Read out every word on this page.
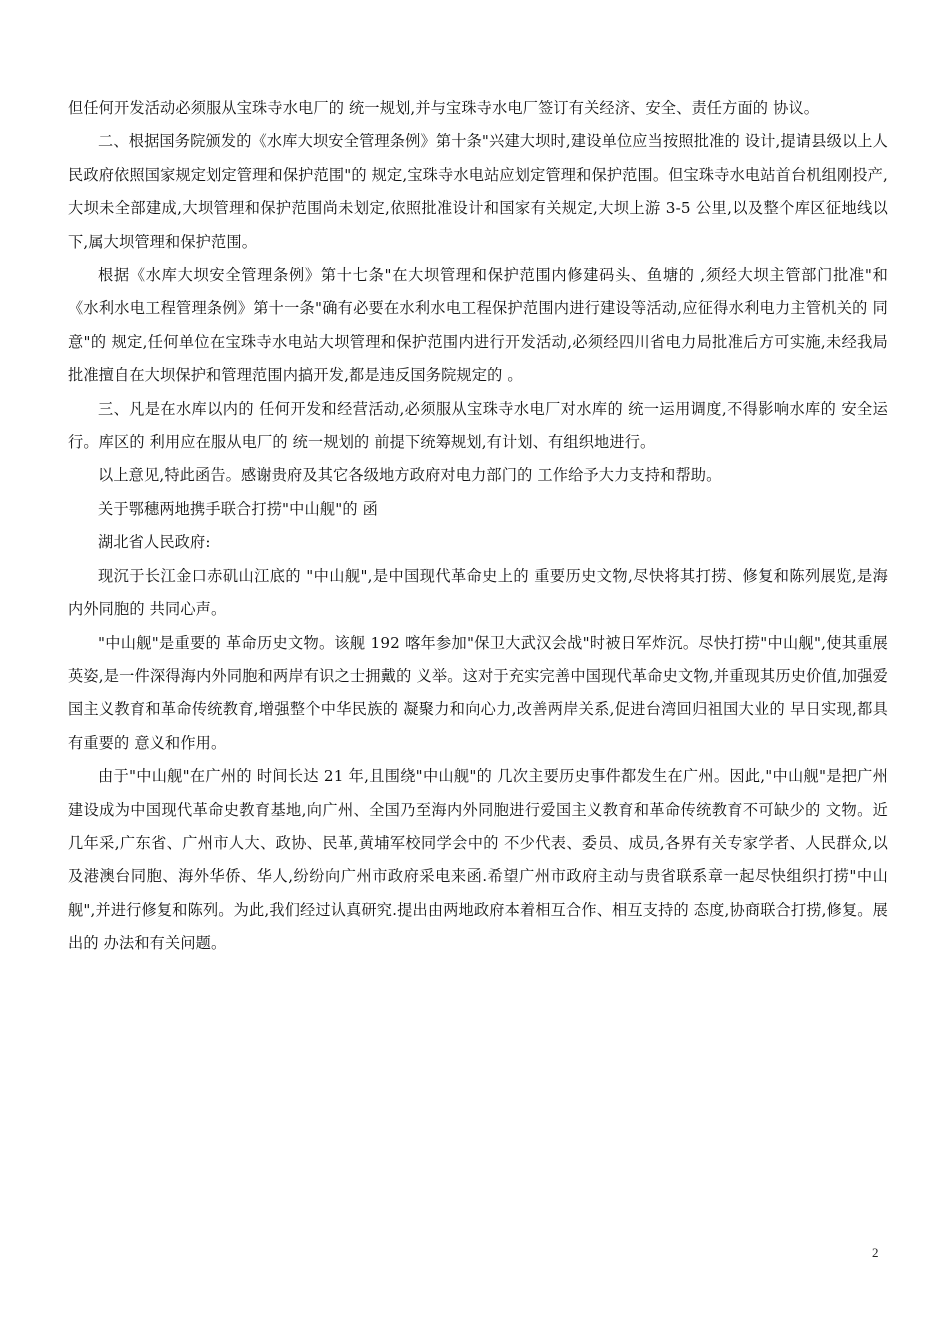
但任何开发活动必须服从宝珠寺水电厂的 统一规划,并与宝珠寺水电厂签订有关经济、安全、责任方面的 协议。

二、根据国务院颁发的《水库大坝安全管理条例》第十条"兴建大坝时,建设单位应当按照批准的 设计,提请县级以上人民政府依照国家规定划定管理和保护范围"的 规定,宝珠寺水电站应划定管理和保护范围。但宝珠寺水电站首台机组刚投产,大坝未全部建成,大坝管理和保护范围尚未划定,依照批准设计和国家有关规定,大坝上游 3-5 公里,以及整个库区征地线以下,属大坝管理和保护范围。

根据《水库大坝安全管理条例》第十七条"在大坝管理和保护范围内修建码头、鱼塘的 ,须经大坝主管部门批准"和《水利水电工程管理条例》第十一条"确有必要在水利水电工程保护范围内进行建设等活动,应征得水利电力主管机关的 同意"的 规定,任何单位在宝珠寺水电站大坝管理和保护范围内进行开发活动,必须经四川省电力局批准后方可实施,未经我局批准擅自在大坝保护和管理范围内搞开发,都是违反国务院规定的 。

三、凡是在水库以内的 任何开发和经营活动,必须服从宝珠寺水电厂对水库的 统一运用调度,不得影响水库的 安全运行。库区的 利用应在服从电厂的 统一规划的 前提下统筹规划,有计划、有组织地进行。

以上意见,特此函告。感谢贵府及其它各级地方政府对电力部门的 工作给予大力支持和帮助。

关于鄂穗两地携手联合打捞"中山舰"的 函

湖北省人民政府:

现沉于长江金口赤矶山江底的 "中山舰",是中国现代革命史上的 重要历史文物,尽快将其打捞、修复和陈列展览,是海内外同胞的 共同心声。

"中山舰"是重要的 革命历史文物。该舰 192 喀年参加"保卫大武汉会战"时被日军炸沉。尽快打捞"中山舰",使其重展英姿,是一件深得海内外同胞和两岸有识之士拥戴的 义举。这对于充实完善中国现代革命史文物,并重现其历史价值,加强爱国主义教育和革命传统教育,增强整个中华民族的 凝聚力和向心力,改善两岸关系,促进台湾回归祖国大业的 早日实现,都具有重要的 意义和作用。

由于"中山舰"在广州的 时间长达 21 年,且围绕"中山舰"的 几次主要历史事件都发生在广州。因此,"中山舰"是把广州建设成为中国现代革命史教育基地,向广州、全国乃至海内外同胞进行爱国主义教育和革命传统教育不可缺少的 文物。近几年采,广东省、广州市人大、政协、民革,黄埔军校同学会中的 不少代表、委员、成员,各界有关专家学者、人民群众,以及港澳台同胞、海外华侨、华人,纷纷向广州市政府采电来函.希望广州市政府主动与贵省联系章一起尽快组织打捞"中山舰",并进行修复和陈列。为此,我们经过认真研究.提出由两地政府本着相互合作、相互支持的 态度,协商联合打捞,修复。展出的 办法和有关问题。

2
